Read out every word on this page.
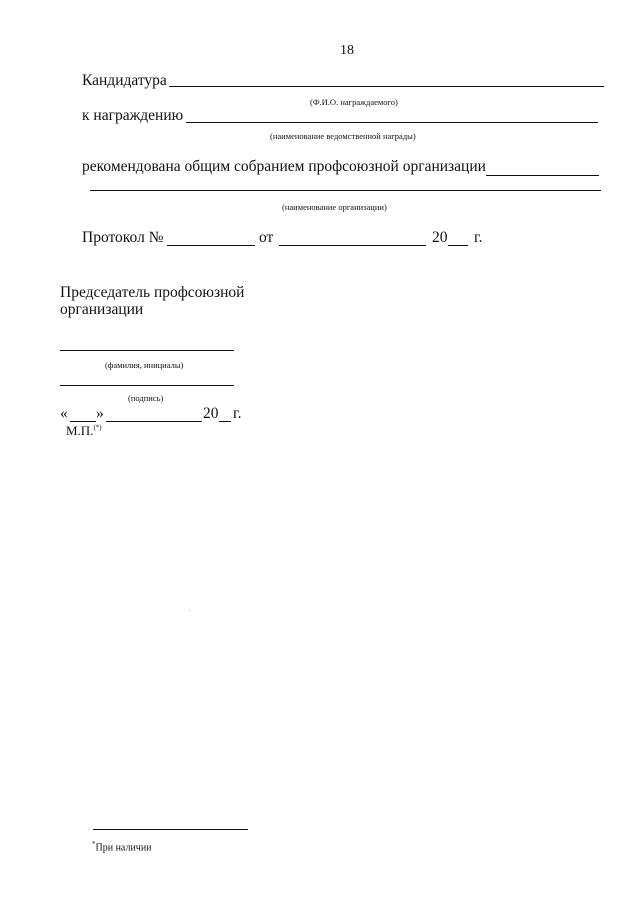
18
Кандидатура
(Ф.И.О. награждаемого)
к награждению
(наименование ведомственной награды)
рекомендована общим собранием профсоюзной организации
(наименование организации)
Протокол №	от	20 г.
Председатель профсоюзной
организации
(фамилия, инициалы)
(подпись)
« »	20 г.
М.П.(*)
*При наличии
